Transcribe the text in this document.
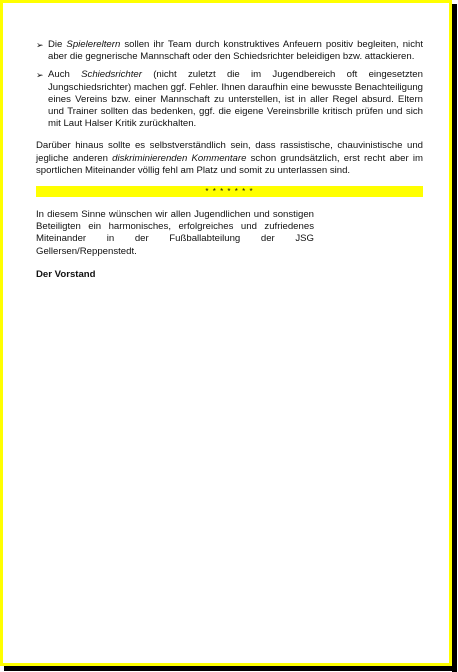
➢ Die Spielereltern sollen ihr Team durch konstruktives Anfeuern positiv begleiten, nicht aber die gegnerische Mannschaft oder den Schiedsrichter beleidigen bzw. attackieren.
➢ Auch Schiedsrichter (nicht zuletzt die im Jugendbereich oft eingesetzten Jungschiedsrichter) machen ggf. Fehler. Ihnen daraufhin eine bewusste Benachteiligung eines Vereins bzw. einer Mannschaft zu unterstellen, ist in aller Regel absurd. Eltern und Trainer sollten das bedenken, ggf. die eigene Vereinsbrille kritisch prüfen und sich mit Laut Halser Kritik zurückhalten.
Darüber hinaus sollte es selbstverständlich sein, dass rassistische, chauvinistische und jegliche anderen diskriminierenden Kommentare schon grundsätzlich, erst recht aber im sportlichen Miteinander völlig fehl am Platz und somit zu unterlassen sind.
* * * * * * *
In diesem Sinne wünschen wir allen Jugendlichen und sonstigen Beteiligten ein harmonisches, erfolgreiches und zufriedenes Miteinander in der Fußballabteilung der JSG Gellersen/Reppenstedt.
Der Vorstand
